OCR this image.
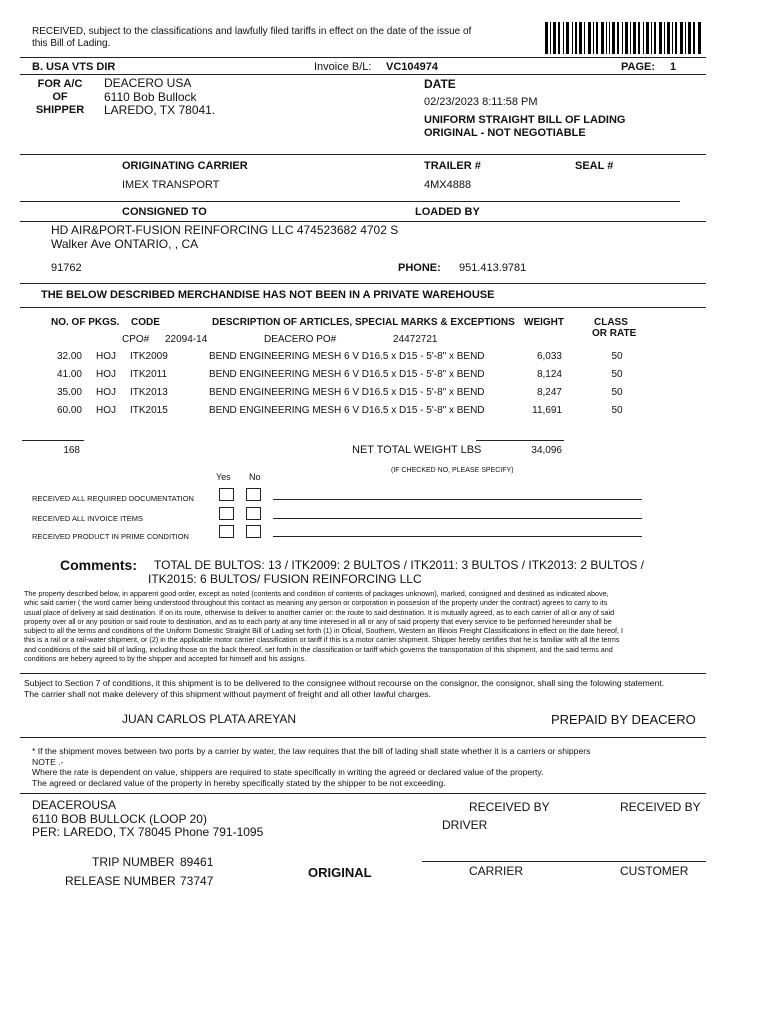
RECEIVED, subject to the classifications and lawfully filed tariffs in effect on the date of the issue of this Bill of Lading.
B. USA VTS DIR	Invoice B/L: VC104974	PAGE: 1
FOR A/C
OF
SHIPPER
DEACERO USA
6110 Bob Bullock
LAREDO, TX 78041.
DATE
02/23/2023 8:11:58 PM
UNIFORM STRAIGHT BILL OF LADING
ORIGINAL - NOT NEGOTIABLE
ORIGINATING CARRIER	TRAILER #	SEAL #
IMEX TRANSPORT	4MX4888
CONSIGNED TO	LOADED BY
HD AIR&PORT-FUSION REINFORCING LLC 474523682 4702 S
Walker Ave ONTARIO, , CA
91762	PHONE: 951.413.9781
THE BELOW DESCRIBED MERCHANDISE HAS NOT BEEN IN A PRIVATE WAREHOUSE
NO. OF PKGS. CODE	DESCRIPTION OF ARTICLES, SPECIAL MARKS & EXCEPTIONS WEIGHT	CLASS
OR RATE
CPO# 22094-14	DEACERO PO#	24472721
32.00 HOJ ITK2009	BEND ENGINEERING MESH 6 V D16.5 x D15 - 5'-8" x BEND	6,033	50
41.00 HOJ ITK2011	BEND ENGINEERING MESH 6 V D16.5 x D15 - 5'-8" x BEND	8,124	50
35.00 HOJ ITK2013	BEND ENGINEERING MESH 6 V D16.5 x D15 - 5'-8" x BEND	8,247	50
60.00 HOJ ITK2015	BEND ENGINEERING MESH 6 V D16.5 x D15 - 5'-8" x BEND	11,691	50
168	NET TOTAL WEIGHT LBS	34,096
Yes No
(IF CHECKED NO, PLEASE SPECIFY)
RECEIVED ALL REQUIRED DOCUMENTATION
RECEIVED ALL INVOICE ITEMS
RECEIVED PRODUCT IN PRIME CONDITION
Comments:	TOTAL DE BULTOS: 13 / ITK2009: 2 BULTOS / ITK2011: 3 BULTOS / ITK2013: 2 BULTOS /
ITK2015: 6 BULTOS/ FUSION REINFORCING LLC
The property described below, in apparent good order, except as noted (contents and condition of contents of packages unknown), marked, consigned and destined as indicated above,
whic said carrier ( the word carrier being understood throughout this contact as meaning any person or corporation in possesion of the property under the contract) agrees to carry to its
usual place of delivery at said destination. If on its route, otherwise to deliver to another carrier or: the route to said destination. It is mutually agreed, as to each carrier of all or any of said
property over all or any position or said route to destination, and as to each party at any time interesed in all or any of said property that every service to be performed hereunder shall be
subject to all the terms and conditions of the Uniform Domestic Straight Bill of Lading set forth (1) in Oficial, Southern, Western an Illinois Freight Classifications in effect on the date hereof, I
this is a rail or a rail-water shipment, or (2) in the applicable motor carrier classification or tariff if this is a motor carrier shipment. Shipper hereby certifies that he is familiar with all the terms
and conditions of the said bill of lading, including those on the back thereof, set forth in the classification or tariff which governs the transportation of this shipment, and the said terms and
conditions are hebery agreed to by the shipper and accepted for himself and his assigns.
Subject to Section 7 of conditions, it this shipment is to be delivered to the consignee without recourse on the consignor, the consignor, shall sing the folowing statement.
The carrier shall not make delevery of this shipment without payment of freight and all other lawful charges.
JUAN CARLOS PLATA AREYAN	PREPAID BY DEACERO
* If the shipment moves between two ports by a carrier by water, the law requires that the bill of lading shall state whether it is a carriers or shippers
NOTE .-
Where the rate is dependent on value, shippers are required to state specifically in writing the agreed or declared value of the property.
The agreed or declared value of the property in hereby specifically stated by the shipper to be not exceeding.
DEACEROUSA
6110 BOB BULLOCK (LOOP 20)
PER: LAREDO, TX 78045 Phone 791-1095
RECEIVED BY	RECEIVED BY
DRIVER
TRIP NUMBER 89461
RELEASE NUMBER 73747
ORIGINAL	CARRIER	CUSTOMER
